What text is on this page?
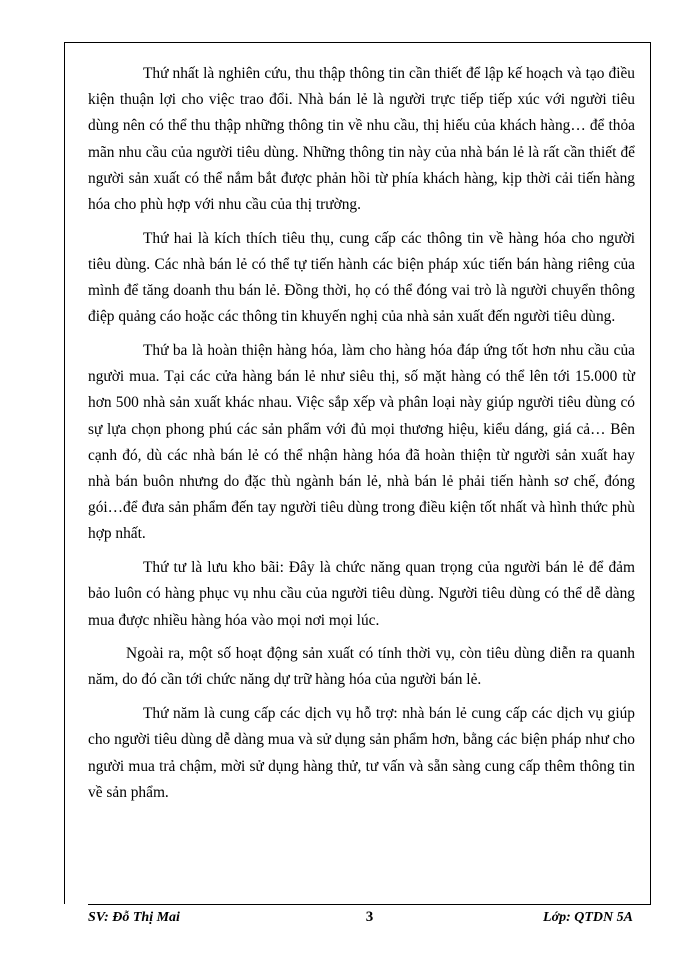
Thứ nhất là nghiên cứu, thu thập thông tin cần thiết để lập kế hoạch và tạo điều kiện thuận lợi cho việc trao đổi. Nhà bán lẻ là người trực tiếp tiếp xúc với người tiêu dùng nên có thể thu thập những thông tin về nhu cầu, thị hiếu của khách hàng… để thỏa mãn nhu cầu của người tiêu dùng. Những thông tin này của nhà bán lẻ là rất cần thiết để người sản xuất có thể nắm bắt được phản hồi từ phía khách hàng, kịp thời cải tiến hàng hóa cho phù hợp với nhu cầu của thị trường.

Thứ hai là kích thích tiêu thụ, cung cấp các thông tin về hàng hóa cho người tiêu dùng. Các nhà bán lẻ có thể tự tiến hành các biện pháp xúc tiến bán hàng riêng của mình để tăng doanh thu bán lẻ. Đồng thời, họ có thể đóng vai trò là người chuyển thông điệp quảng cáo hoặc các thông tin khuyến nghị của nhà sản xuất đến người tiêu dùng.

Thứ ba là hoàn thiện hàng hóa, làm cho hàng hóa đáp ứng tốt hơn nhu cầu của người mua. Tại các cửa hàng bán lẻ như siêu thị, số mặt hàng có thể lên tới 15.000 từ hơn 500 nhà sản xuất khác nhau. Việc sắp xếp và phân loại này giúp người tiêu dùng có sự lựa chọn phong phú các sản phẩm với đủ mọi thương hiệu, kiểu dáng, giá cả… Bên cạnh đó, dù các nhà bán lẻ có thể nhận hàng hóa đã hoàn thiện từ người sản xuất hay nhà bán buôn nhưng do đặc thù ngành bán lẻ, nhà bán lẻ phải tiến hành sơ chế, đóng gói…để đưa sản phẩm đến tay người tiêu dùng trong điều kiện tốt nhất và hình thức phù hợp nhất.

Thứ tư là lưu kho bãi: Đây là chức năng quan trọng của người bán lẻ để đảm bảo luôn có hàng phục vụ nhu cầu của người tiêu dùng. Người tiêu dùng có thể dễ dàng mua được nhiều hàng hóa vào mọi nơi mọi lúc.

Ngoài ra, một số hoạt động sản xuất có tính thời vụ, còn tiêu dùng diễn ra quanh năm, do đó cần tới chức năng dự trữ hàng hóa của người bán lẻ.

Thứ năm là cung cấp các dịch vụ hỗ trợ: nhà bán lẻ cung cấp các dịch vụ giúp cho người tiêu dùng dễ dàng mua và sử dụng sản phẩm hơn, bằng các biện pháp như cho người mua trả chậm, mời sử dụng hàng thử, tư vấn và sẵn sàng cung cấp thêm thông tin về sản phẩm.

SV: Đỗ Thị Mai	3	Lớp: QTDN 5A
